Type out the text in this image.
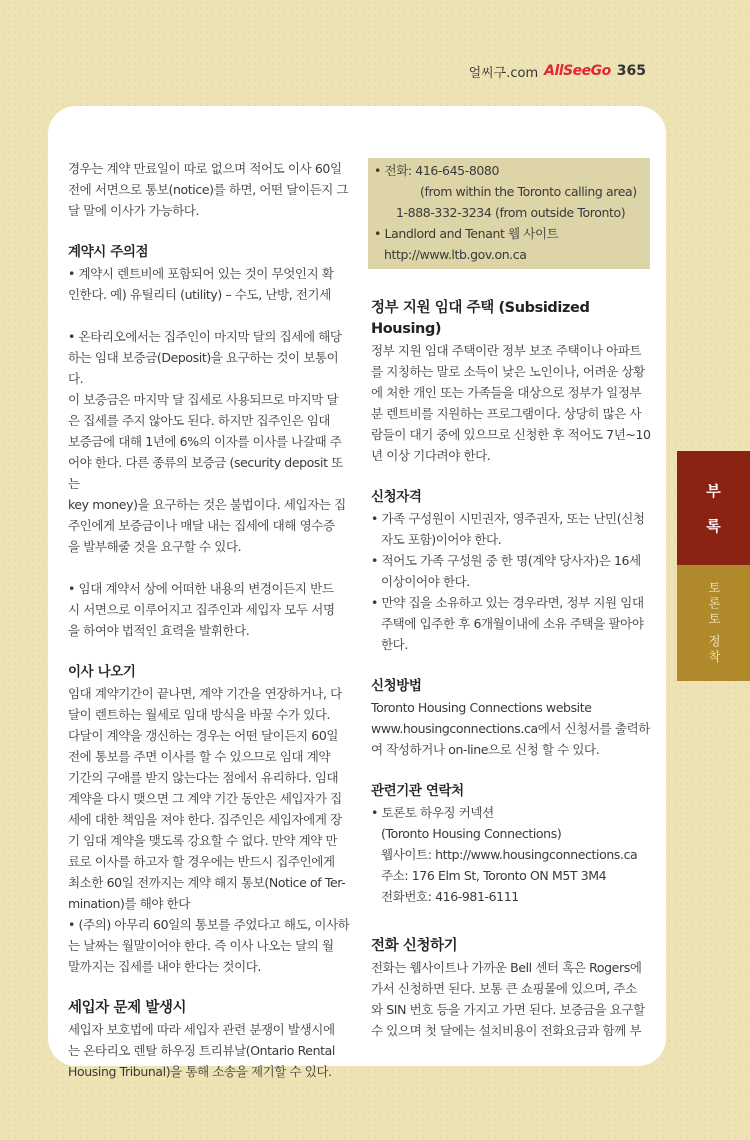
얼씨구.com AllSeeGo 365

경우는 계약 만료일이 따로 없으며 적어도 이사 60일

전에 서면으로 통보(notice)를 하면, 어떤 달이든지 그

달 말에 이사가 가능하다.

계약시 주의점

• 계약시 렌트비에 포함되어 있는 것이 무엇인지 확

인한다. 예) 유틸리티 (utility) – 수도, 난방, 전기세

• 온타리오에서는 집주인이 마지막 달의 집세에 해당

하는 임대 보증금(Deposit)을 요구하는 것이 보통이다.

이 보증금은 마지막 달 집세로 사용되므로 마지막 달

은 집세를 주지 않아도 된다. 하지만 집주인은 임대

보증금에 대해 1년에 6%의 이자를 이사를 나갈때 주

어야 한다. 다른 종류의 보증금 (security deposit 또는

key money)을 요구하는 것은 불법이다. 세입자는 집

주인에게 보증금이나 매달 내는 집세에 대해 영수증

을 발부해줄 것을 요구할 수 있다.

• 임대 계약서 상에 어떠한 내용의 변경이든지 반드

시 서면으로 이루어지고 집주인과 세입자 모두 서명

을 하여야 법적인 효력을 발휘한다.

이사 나오기

임대 계약기간이 끝나면, 계약 기간을 연장하거나, 다

달이 렌트하는 월세로 임대 방식을 바꿀 수가 있다.

다달이 계약을 갱신하는 경우는 어떤 달이든지 60일

전에 통보를 주면 이사를 할 수 있으므로 임대 계약

기간의 구애를 받지 않는다는 점에서 유리하다. 임대

계약을 다시 맺으면 그 계약 기간 동안은 세입자가 집

세에 대한 책임을 져야 한다. 집주인은 세입자에게 장

기 임대 계약을 맺도록 강요할 수 없다. 만약 계약 만

료로 이사를 하고자 할 경우에는 반드시 집주인에게

최소한 60일 전까지는 계약 해지 통보(Notice of Ter-

mination)를 해야 한다

• (주의) 아무리 60일의 통보를 주었다고 해도, 이사하

는 날짜는 월말이어야 한다. 즉 이사 나오는 달의 월

말까지는 집세를 내야 한다는 것이다.

세입자 문제 발생시

세입자 보호법에 따라 세입자 관련 분쟁이 발생시에

는 온타리오 렌탈 하우징 트리뷰날(Ontario Rental

Housing Tribunal)을 통해 소송을 제기할 수 있다.

• 전화: 416-645-8080

(from within the Toronto calling area)

1-888-332-3234 (from outside Toronto)

• Landlord and Tenant 웹 사이트

http://www.ltb.gov.on.ca

정부 지원 임대 주택 (Subsidized Housing)

정부 지원 임대 주택이란 정부 보조 주택이나 아파트

를 지칭하는 말로 소득이 낮은 노인이나, 어려운 상황

에 처한 개인 또는 가족들을 대상으로 정부가 일정부

분 렌트비를 지원하는 프로그램이다. 상당히 많은 사

람들이 대기 중에 있으므로 신청한 후 적어도 7년~10

년 이상 기다려야 한다.

신청자격

• 가족 구성원이 시민권자, 영주권자, 또는 난민(신청

자도 포함)이어야 한다.

• 적어도 가족 구성원 중 한 명(계약 당사자)은 16세

이상이어야 한다.

• 만약 집을 소유하고 있는 경우라면, 정부 지원 임대

주택에 입주한 후 6개월이내에 소유 주택을 팔아야

한다.

신청방법

Toronto Housing Connections website

www.housingconnections.ca에서 신청서를 출력하

여 작성하거나 on-line으로 신청 할 수 있다.

관련기관 연락처

• 토론토 하우징 커넥션

(Toronto Housing Connections)

웹사이트: http://www.housingconnections.ca

주소: 176 Elm St, Toronto ON M5T 3M4

전화번호: 416-981-6111

전화 신청하기

전화는 웹사이트나 가까운 Bell 센터 혹은 Rogers에

가서 신청하면 된다. 보통 큰 쇼핑몰에 있으며, 주소

와 SIN 번호 등을 가지고 가면 된다. 보증금을 요구할

수 있으며 첫 달에는 설치비용이 전화요금과 함께 부

부
록
토론토 정착
